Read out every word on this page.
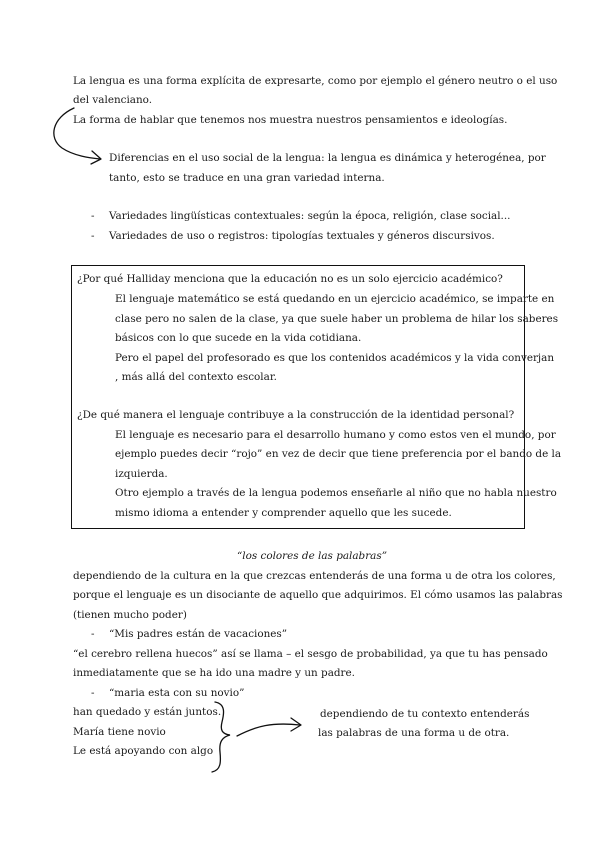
La lengua es una forma explícita de expresarte, como por ejemplo el género neutro o el uso
del valenciano.
La forma de hablar que tenemos nos muestra nuestros pensamientos e ideologías.
Diferencias en el uso social de la lengua: la lengua es dinámica y heterogénea, por
tanto, esto se traduce en una gran variedad interna.
- Variedades lingüísticas contextuales: según la época, religión, clase social...
- Variedades de uso o registros: tipologías textuales y géneros discursivos.
¿Por qué Halliday menciona que la educación no es un solo ejercicio académico?
El lenguaje matemático se está quedando en un ejercicio académico, se imparte en
clase pero no salen de la clase, ya que suele haber un problema de hilar los saberes
básicos con lo que sucede en la vida cotidiana.
Pero el papel del profesorado es que los contenidos académicos y la vida converjan
, más allá del contexto escolar.
¿De qué manera el lenguaje contribuye a la construcción de la identidad personal?
El lenguaje es necesario para el desarrollo humano y como estos ven el mundo, por
ejemplo puedes decir “rojo” en vez de decir que tiene preferencia por el bando de la
izquierda.
Otro ejemplo a través de la lengua podemos enseñarle al niño que no habla nuestro
mismo idioma a entender y comprender aquello que les sucede.
“los colores de las palabras”
dependiendo de la cultura en la que crezcas entenderás de una forma u de otra los colores,
porque el lenguaje es un disociante de aquello que adquirimos. El cómo usamos las palabras
(tienen mucho poder)
- “Mis padres están de vacaciones”
“el cerebro rellena huecos” así se llama – el sesgo de probabilidad, ya que tu has pensado
inmediatamente que se ha ido una madre y un padre.
- “maria esta con su novio”
han quedado y están juntos.
María tiene novio
Le está apoyando con algo
dependiendo de tu contexto entenderás
las palabras de una forma u de otra.
